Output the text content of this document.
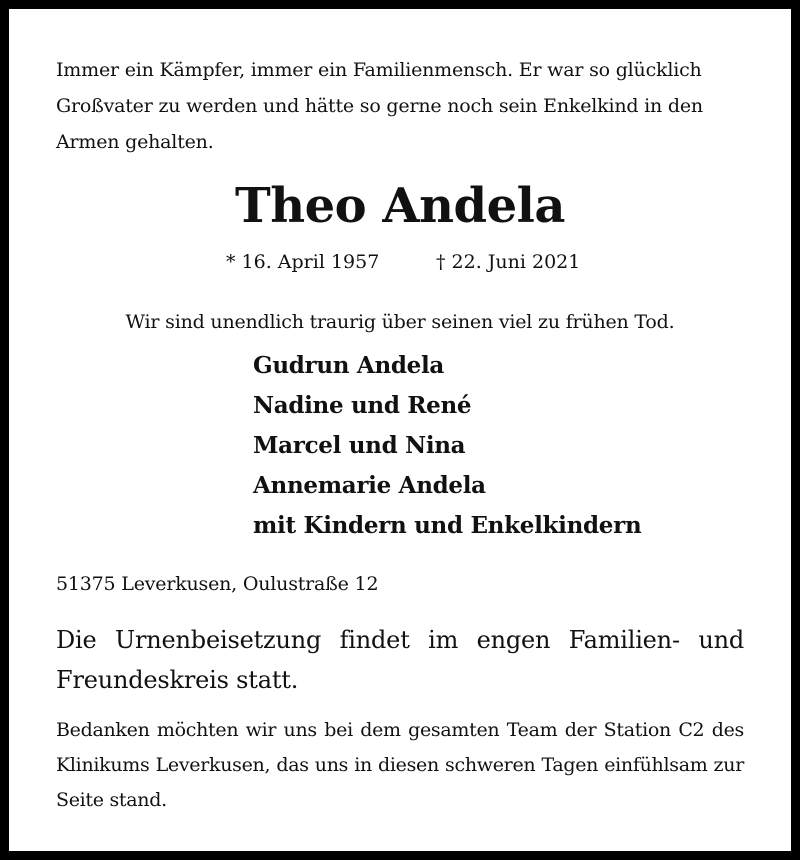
Immer ein Kämpfer, immer ein Familienmensch. Er war so glücklich Großvater zu werden und hätte so gerne noch sein Enkelkind in den Armen gehalten.

Theo Andela
* 16. April 1957	† 22. Juni 2021

Wir sind unendlich traurig über seinen viel zu frühen Tod.

Gudrun Andela
Nadine und René
Marcel und Nina
Annemarie Andela
mit Kindern und Enkelkindern

51375 Leverkusen, Oulustraße 12

Die Urnenbeisetzung findet im engen Familien- und Freundeskreis statt.

Bedanken möchten wir uns bei dem gesamten Team der Station C2 des Klinikums Leverkusen, das uns in diesen schweren Tagen einfühlsam zur Seite stand.
